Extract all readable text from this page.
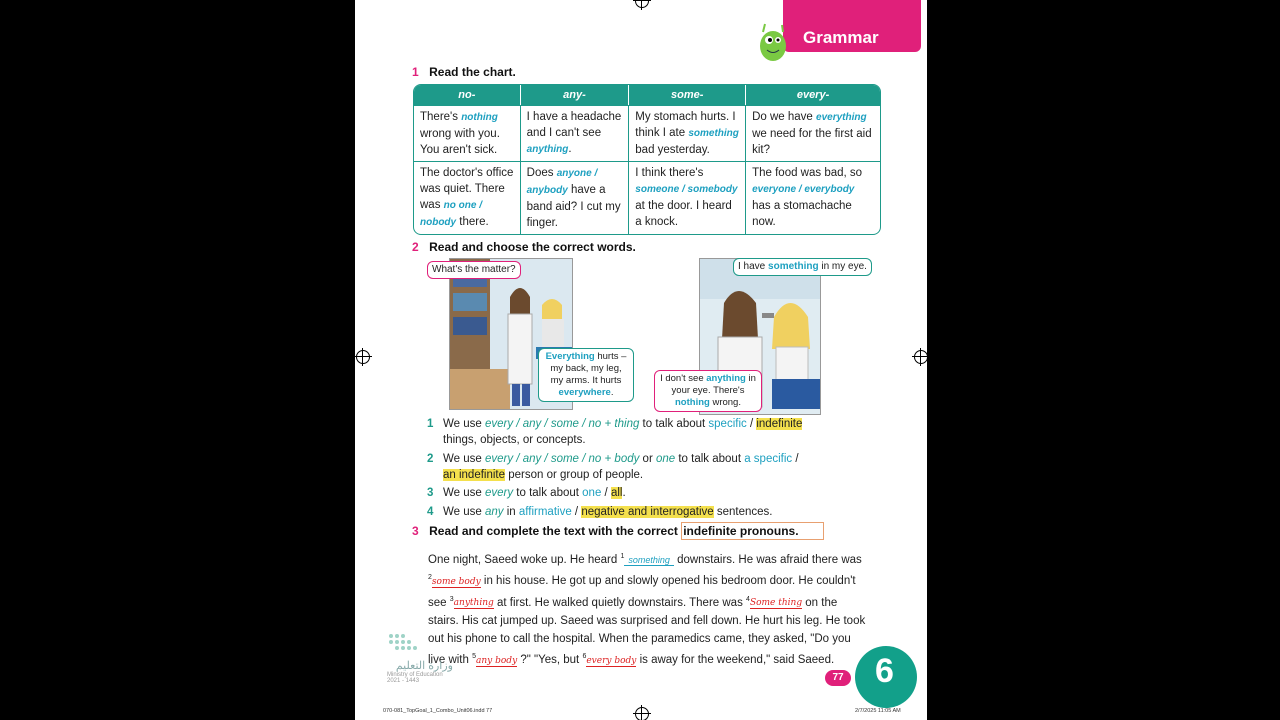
Grammar
1 Read the chart.
no-	any-	some-	every-
There's nothing wrong with you. You aren't sick.	I have a headache and I can't see anything.	My stomach hurts. I think I ate something bad yesterday.	Do we have everything we need for the first aid kit?
The doctor's office was quiet. There was no one / nobody there.	Does anyone / anybody have a band aid? I cut my finger.	I think there's someone / somebody at the door. I heard a knock.	The food was bad, so everyone / everybody has a stomachache now.
2 Read and choose the correct words.
What's the matter?
Everything hurts – my back, my leg, my arms. It hurts everywhere.
I have something in my eye.
I don't see anything in your eye. There's nothing wrong.
1 We use every / any / some / no + thing to talk about specific / indefinite
things, objects, or concepts.
2 We use every / any / some / no + body or one to talk about a specific /
an indefinite person or group of people.
3 We use every to talk about one / all.
4 We use any in affirmative / negative and interrogative sentences.
3 Read and complete the text with the correct indefinite pronouns.
One night, Saeed woke up. He heard $^1$ something downstairs. He was afraid there was $^2$some body in his house. He got up and slowly opened his bedroom door. He couldn't see $^3$anything at first. He walked quietly downstairs. There was $^4$Some thing on the stairs. His cat jumped up. Saeed was surprised and fell down. He hurt his leg. He took out his phone to call the hospital. When the paramedics came, they asked, "Do you live with $^5$any body ?" "Yes, but $^6$every body is away for the weekend," said Saeed.
وزارة التعليم
Ministry of Education
2021 - 1443	77 6
070-081_TopGoal_1_Combo_Unit06.indd 77	2/7/2025 11:05 AM
